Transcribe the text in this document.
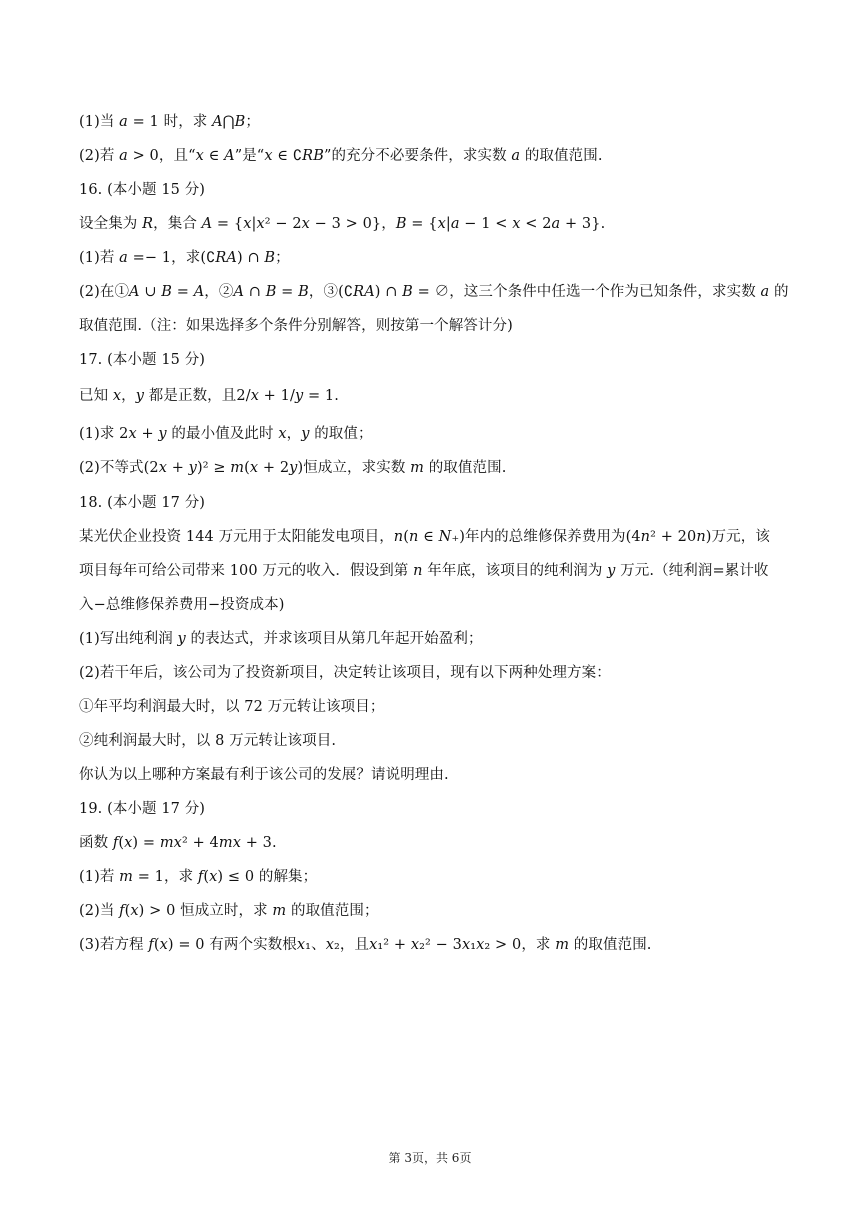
(1)当 𝑎 = 1 时，求 𝐴⋂𝐵；
(2)若 𝑎 > 0，且“𝑥 ∈ 𝐴”是“𝑥 ∈ ∁𝑅𝐵”的充分不必要条件，求实数 𝑎 的取值范围.
16. (本小题 15 分)
设全集为 𝑅，集合 𝐴 = {𝑥|𝑥² − 2𝑥 − 3 > 0}，𝐵 = {𝑥|𝑎 − 1 < 𝑥 < 2𝑎 + 3}.
(1)若 𝑎 =− 1，求(∁𝑅𝐴) ∩ 𝐵；
(2)在①𝐴 ∪ 𝐵 = 𝐴，②𝐴 ∩ 𝐵 = 𝐵，③(∁𝑅𝐴) ∩ 𝐵 = ∅，这三个条件中任选一个作为已知条件，求实数 𝑎 的
取值范围.（注：如果选择多个条件分别解答，则按第一个解答计分)
17. (本小题 15 分)
已知 𝑥，𝑦 都是正数，且2/𝑥 + 1/𝑦 = 1.
(1)求 2𝑥 + 𝑦 的最小值及此时 𝑥，𝑦 的取值；
(2)不等式(2𝑥 + 𝑦)² ≥ 𝑚(𝑥 + 2𝑦)恒成立，求实数 𝑚 的取值范围.
18. (本小题 17 分)
某光伏企业投资 144 万元用于太阳能发电项目，𝑛(𝑛 ∈ 𝑁₊)年内的总维修保养费用为(4𝑛² + 20𝑛)万元，该
项目每年可给公司带来 100 万元的收入．假设到第 𝑛 年年底，该项目的纯利润为 𝑦 万元.（纯利润=累计收
入−总维修保养费用−投资成本)
(1)写出纯利润 𝑦 的表达式，并求该项目从第几年起开始盈利；
(2)若干年后，该公司为了投资新项目，决定转让该项目，现有以下两种处理方案：
①年平均利润最大时，以 72 万元转让该项目；
②纯利润最大时，以 8 万元转让该项目.
你认为以上哪种方案最有利于该公司的发展？请说明理由.
19. (本小题 17 分)
函数 𝑓(𝑥) = 𝑚𝑥² + 4𝑚𝑥 + 3.
(1)若 𝑚 = 1，求 𝑓(𝑥) ≤ 0 的解集；
(2)当 𝑓(𝑥) > 0 恒成立时，求 𝑚 的取值范围；
(3)若方程 𝑓(𝑥) = 0 有两个实数根𝑥₁、𝑥₂，且𝑥₁² + 𝑥₂² − 3𝑥₁𝑥₂ > 0，求 𝑚 的取值范围.
第 3页，共 6页
